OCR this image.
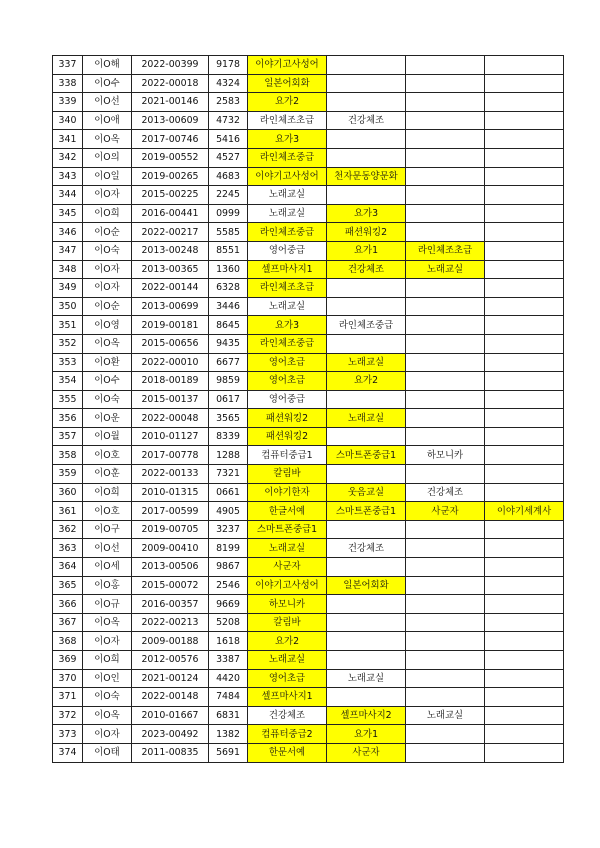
337	이O해	2022-00399	9178	이야기고사성어			
338	이O수	2022-00018	4324	일본어회화			
339	이O선	2021-00146	2583	요가2			
340	이O애	2013-00609	4732	라인체조초급	건강체조		
341	이O옥	2017-00746	5416	요가3			
342	이O의	2019-00552	4527	라인체조중급			
343	이O일	2019-00265	4683	이야기고사성어	천자문동양문화		
344	이O자	2015-00225	2245	노래교실			
345	이O희	2016-00441	0999	노래교실	요가3		
346	이O순	2022-00217	5585	라인체조중급	패션워킹2		
347	이O숙	2013-00248	8551	영어중급	요가1	라인체조초급	
348	이O자	2013-00365	1360	셀프마사지1	건강체조	노래교실	
349	이O자	2022-00144	6328	라인체조초급			
350	이O순	2013-00699	3446	노래교실			
351	이O영	2019-00181	8645	요가3	라인체조중급		
352	이O옥	2015-00656	9435	라인체조중급			
353	이O환	2022-00010	6677	영어초급	노래교실		
354	이O수	2018-00189	9859	영어초급	요가2		
355	이O숙	2015-00137	0617	영어중급			
356	이O운	2022-00048	3565	패션워킹2	노래교실		
357	이O월	2010-01127	8339	패션워킹2			
358	이O호	2017-00778	1288	컴퓨터중급1	스마트폰중급1	하모니카	
359	이O훈	2022-00133	7321	칼림바			
360	이O희	2010-01315	0661	이야기한자	웃음교실	건강체조	
361	이O호	2017-00599	4905	한글서예	스마트폰중급1	사군자	이야기세계사
362	이O구	2019-00705	3237	스마트폰중급1			
363	이O선	2009-00410	8199	노래교실	건강체조		
364	이O세	2013-00506	9867	사군자			
365	이O홍	2015-00072	2546	이야기고사성어	일본어회화		
366	이O규	2016-00357	9669	하모니카			
367	이O옥	2022-00213	5208	칼림바			
368	이O자	2009-00188	1618	요가2			
369	이O희	2012-00576	3387	노래교실			
370	이O인	2021-00124	4420	영어초급	노래교실		
371	이O숙	2022-00148	7484	셀프마사지1			
372	이O옥	2010-01667	6831	건강체조	셀프마사지2	노래교실	
373	이O자	2023-00492	1382	컴퓨터중급2	요가1		
374	이O태	2011-00835	5691	한문서예	사군자		
